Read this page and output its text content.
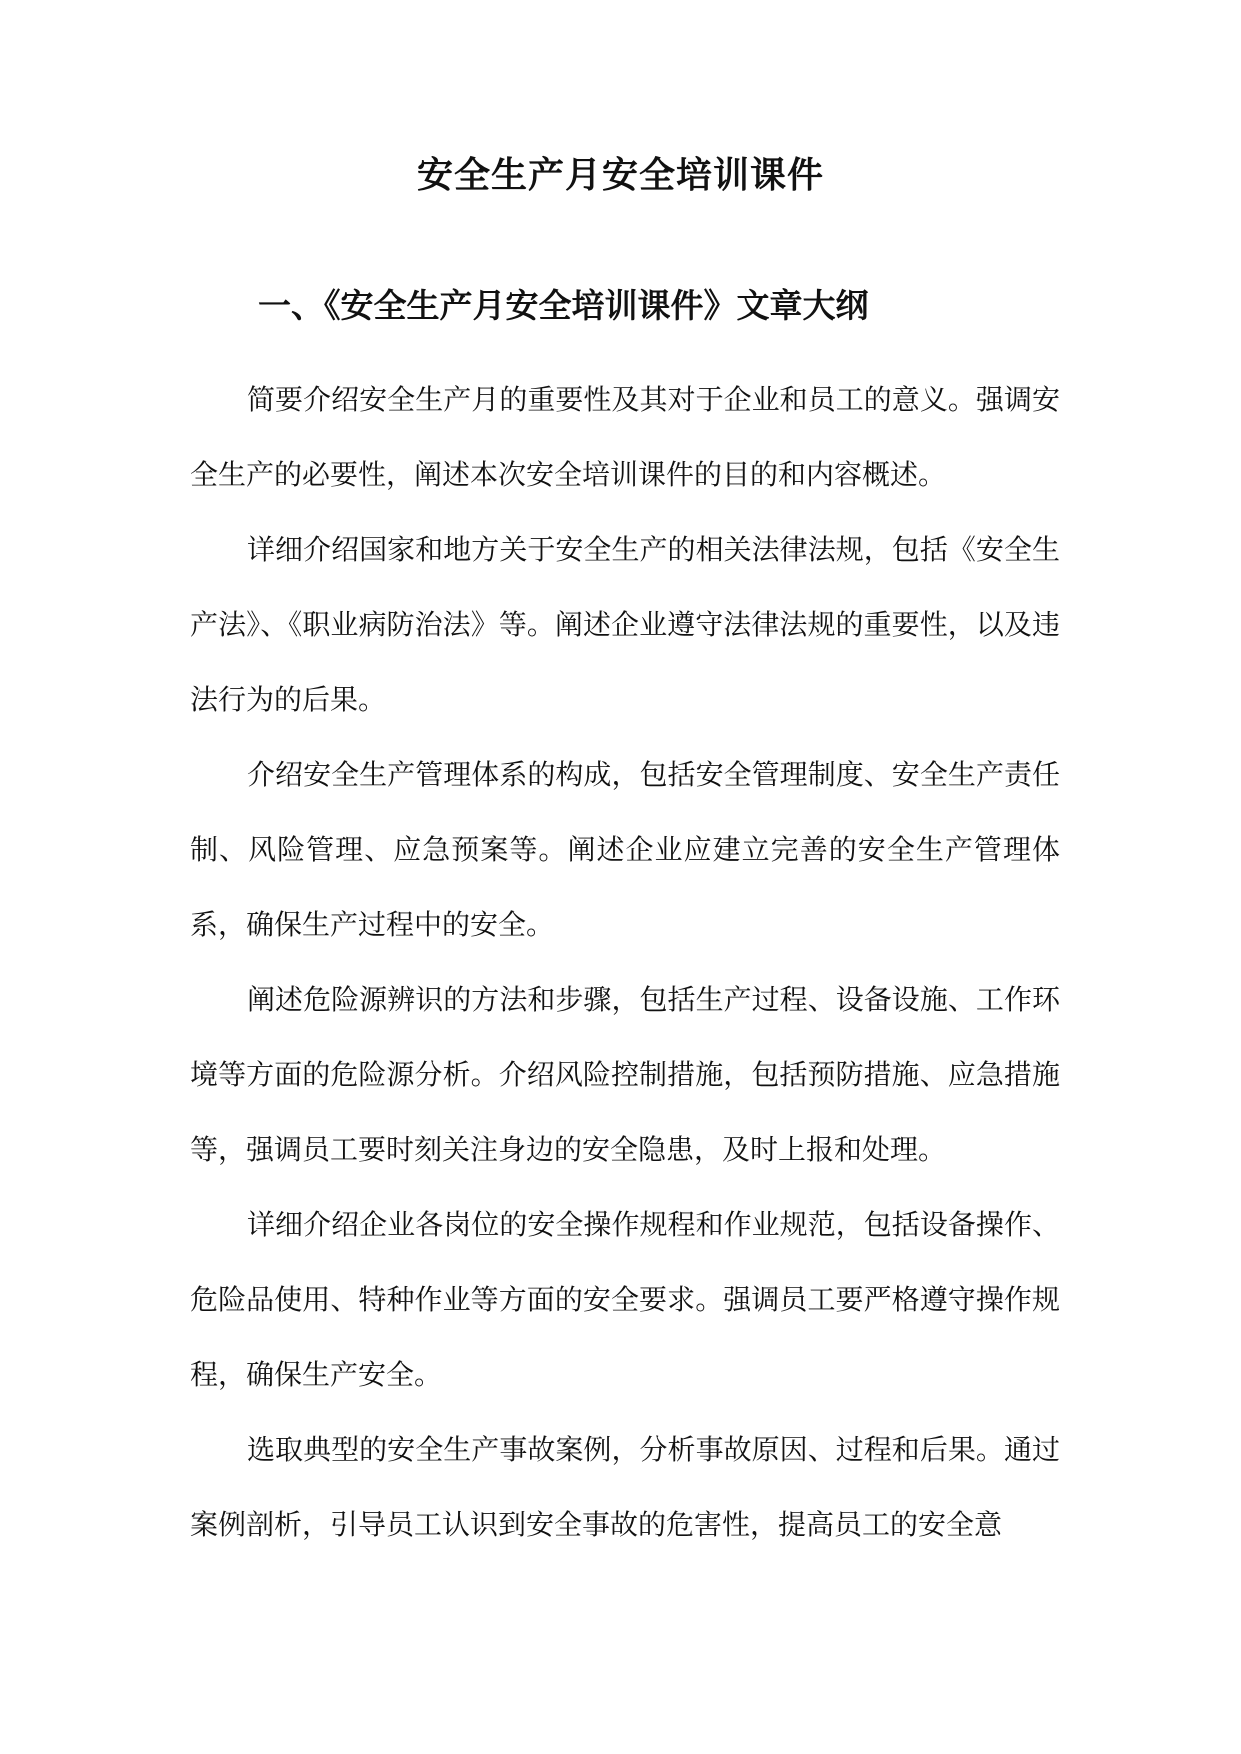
安全生产月安全培训课件
一、《安全生产月安全培训课件》文章大纲

简要介绍安全生产月的重要性及其对于企业和员工的意义。强调安全生产的必要性，阐述本次安全培训课件的目的和内容概述。

详细介绍国家和地方关于安全生产的相关法律法规，包括《安全生产法》、《职业病防治法》等。阐述企业遵守法律法规的重要性，以及违法行为的后果。

介绍安全生产管理体系的构成，包括安全管理制度、安全生产责任制、风险管理、应急预案等。阐述企业应建立完善的安全生产管理体系，确保生产过程中的安全。

阐述危险源辨识的方法和步骤，包括生产过程、设备设施、工作环境等方面的危险源分析。介绍风险控制措施，包括预防措施、应急措施等，强调员工要时刻关注身边的安全隐患，及时上报和处理。

详细介绍企业各岗位的安全操作规程和作业规范，包括设备操作、危险品使用、特种作业等方面的安全要求。强调员工要严格遵守操作规程，确保生产安全。

选取典型的安全生产事故案例，分析事故原因、过程和后果。通过案例剖析，引导员工认识到安全事故的危害性，提高员工的安全意
